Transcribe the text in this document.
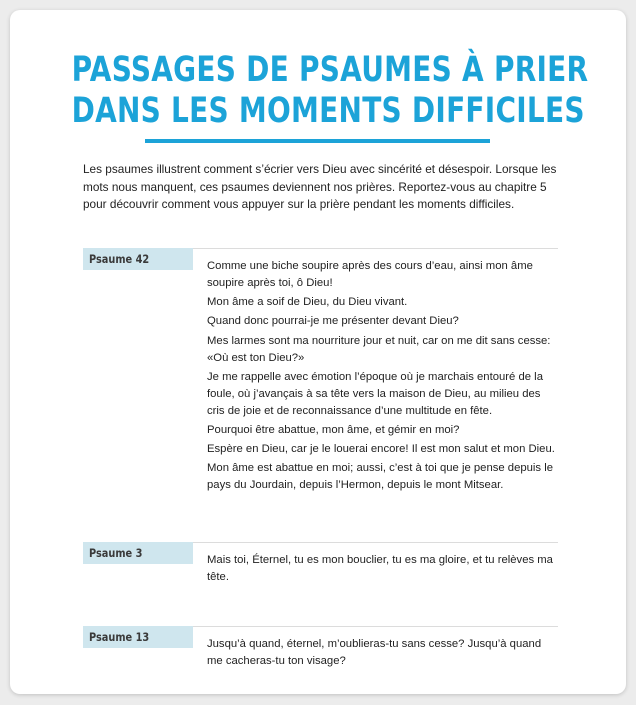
PASSAGES DE PSAUMES À PRIER
DANS LES MOMENTS DIFFICILES
Les psaumes illustrent comment s’écrier vers Dieu avec sincérité et désespoir. Lorsque les mots nous manquent, ces psaumes deviennent nos prières. Reportez-vous au chapitre 5 pour découvrir comment vous appuyer sur la prière pendant les moments difficiles.
Psaume 42	Comme une biche soupire après des cours d’eau, ainsi mon âme soupire après toi, ô Dieu!

Mon âme a soif de Dieu, du Dieu vivant.

Quand donc pourrai-je me présenter devant Dieu?

Mes larmes sont ma nourriture jour et nuit, car on me dit sans cesse: «Où est ton Dieu?»

Je me rappelle avec émotion l’époque où je marchais entouré de la foule, où j’avançais à sa tête vers la maison de Dieu, au milieu des cris de joie et de reconnaissance d’une multitude en fête.

Pourquoi être abattue, mon âme, et gémir en moi?

Espère en Dieu, car je le louerai encore! Il est mon salut et mon Dieu.

Mon âme est abattue en moi; aussi, c’est à toi que je pense depuis le pays du Jourdain, depuis l’Hermon, depuis le mont Mitsear.

Psaume 3	Mais toi, Éternel, tu es mon bouclier, tu es ma gloire, et tu relèves ma tête.

Psaume 13	Jusqu’à quand, éternel, m’oublieras-tu sans cesse? Jusqu’à quand me cacheras-tu ton visage?
